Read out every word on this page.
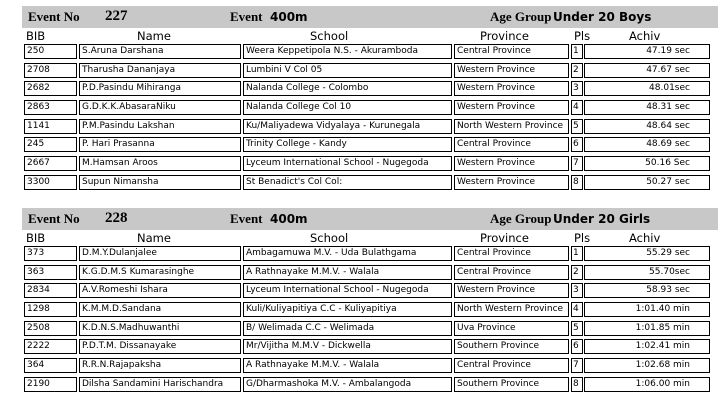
Event No 227	Event 400m	Age Group Under 20 Boys
BIB	Name	School	Province	Pls	Achiv
250	S.Aruna Darshana	Weera Keppetipola N.S. - Akuramboda	Central Province	1	47.19 sec
2708	Tharusha Dananjaya	Lumbini V Col 05	Western Province	2	47.67 sec
2682	P.D.Pasindu Mihiranga	Nalanda College - Colombo	Western Province	3	48.01sec
2863	G.D.K.K.AbasaraNiku	Nalanda College Col 10	Western Province	4	48.31 sec
1141	P.M.Pasindu Lakshan	Ku/Maliyadewa Vidyalaya - Kurunegala	North Western Province	5	48.64 sec
245	P. Hari Prasanna	Trinity College - Kandy	Central Province	6	48.69 sec
2667	M.Hamsan Aroos	Lyceum International School - Nugegoda	Western Province	7	50.16 Sec
3300	Supun Nimansha	St Benadict's Col Col:	Western Province	8	50.27 sec
Event No 228	Event 400m	Age Group Under 20 Girls
BIB	Name	School	Province	Pls	Achiv
373	D.M.Y.Dulanjalee	Ambagamuwa M.V. - Uda Bulathgama	Central Province	1	55.29 sec
363	K.G.D.M.S Kumarasinghe	A Rathnayake M.M.V. - Walala	Central Province	2	55.70sec
2834	A.V.Romeshi Ishara	Lyceum International School - Nugegoda	Western Province	3	58.93 sec
1298	K.M.M.D.Sandana	Kuli/Kuliyapitiya C.C - Kuliyapitiya	North Western Province	4	1:01.40 min
2508	K.D.N.S.Madhuwanthi	B/ Welimada C.C - Welimada	Uva Province	5	1:01.85 min
2222	P.D.T.M. Dissanayake	Mr/Vijitha M.M.V - Dickwella	Southern Province	6	1:02.41 min
364	R.R.N.Rajapaksha	A Rathnayake M.M.V. - Walala	Central Province	7	1:02.68 min
2190	Dilsha Sandamini Harischandra	G/Dharmashoka M.V. - Ambalangoda	Southern Province	8	1:06.00 min
